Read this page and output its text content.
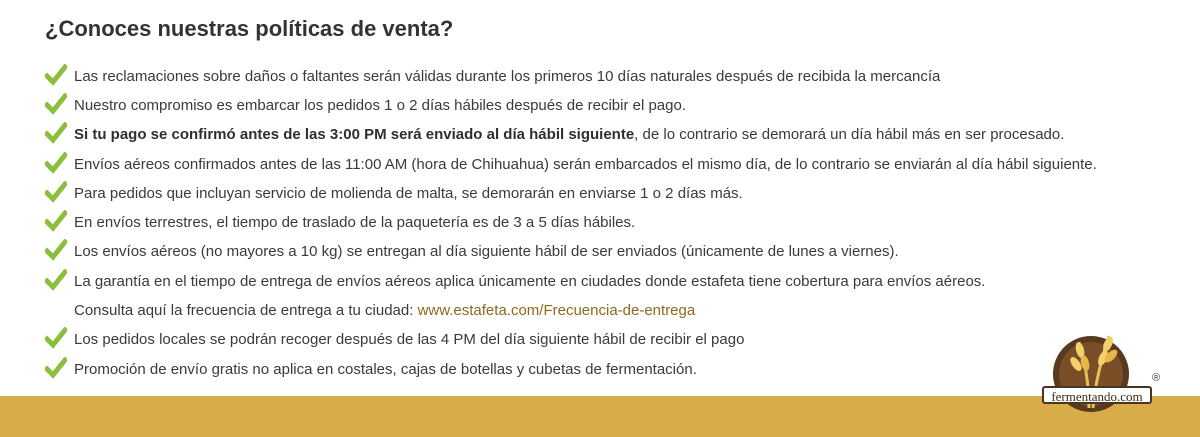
¿Conoces nuestras políticas de venta?
Las reclamaciones sobre daños o faltantes serán válidas durante los primeros 10 días naturales después de recibida la mercancía
Nuestro compromiso es embarcar los pedidos 1 o 2 días hábiles después de recibir el pago.
Si tu pago se confirmó antes de las 3:00 PM será enviado al día hábil siguiente, de lo contrario se demorará un día hábil más en ser procesado.
Envíos aéreos confirmados antes de las 11:00 AM (hora de Chihuahua) serán embarcados el mismo día, de lo contrario se enviarán al día hábil siguiente.
Para pedidos que incluyan servicio de molienda de malta, se demorarán en enviarse 1 o 2 días más.
En envíos terrestres, el tiempo de traslado de la paquetería es de 3 a 5 días hábiles.
Los envíos aéreos (no mayores a 10 kg) se entregan al día siguiente hábil de ser enviados (únicamente de lunes a viernes).
La garantía en el tiempo de entrega de envíos aéreos aplica únicamente en ciudades donde estafeta tiene cobertura para envíos aéreos.
Consulta aquí la frecuencia de entrega a tu ciudad: www.estafeta.com/Frecuencia-de-entrega
Los pedidos locales se podrán recoger después de las 4 PM del día siguiente hábil de recibir el pago
Promoción de envío gratis no aplica en costales, cajas de botellas y cubetas de fermentación.
fermentando.com
®
